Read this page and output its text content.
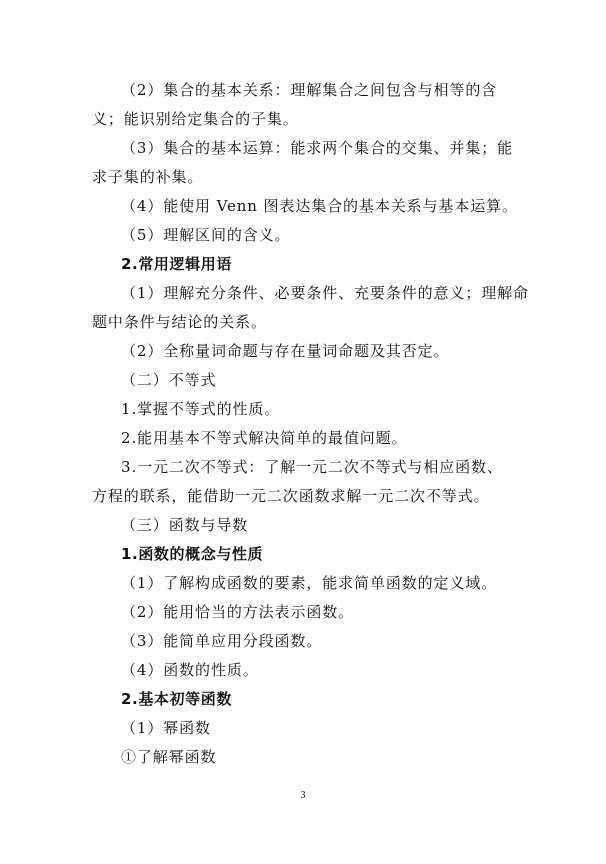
（2）集合的基本关系：理解集合之间包含与相等的含
义；能识别给定集合的子集。
（3）集合的基本运算：能求两个集合的交集、并集；能
求子集的补集。
（4）能使用 Venn 图表达集合的基本关系与基本运算。
（5）理解区间的含义。
2.常用逻辑用语
（1）理解充分条件、必要条件、充要条件的意义；理解命
题中条件与结论的关系。
（2）全称量词命题与存在量词命题及其否定。
（二）不等式
1.掌握不等式的性质。
2.能用基本不等式解决简单的最值问题。
3.一元二次不等式：了解一元二次不等式与相应函数、
方程的联系，能借助一元二次函数求解一元二次不等式。
（三）函数与导数
1.函数的概念与性质
（1）了解构成函数的要素，能求简单函数的定义域。
（2）能用恰当的方法表示函数。
（3）能简单应用分段函数。
（4）函数的性质。
2.基本初等函数
（1）幂函数
①了解幂函数
3
